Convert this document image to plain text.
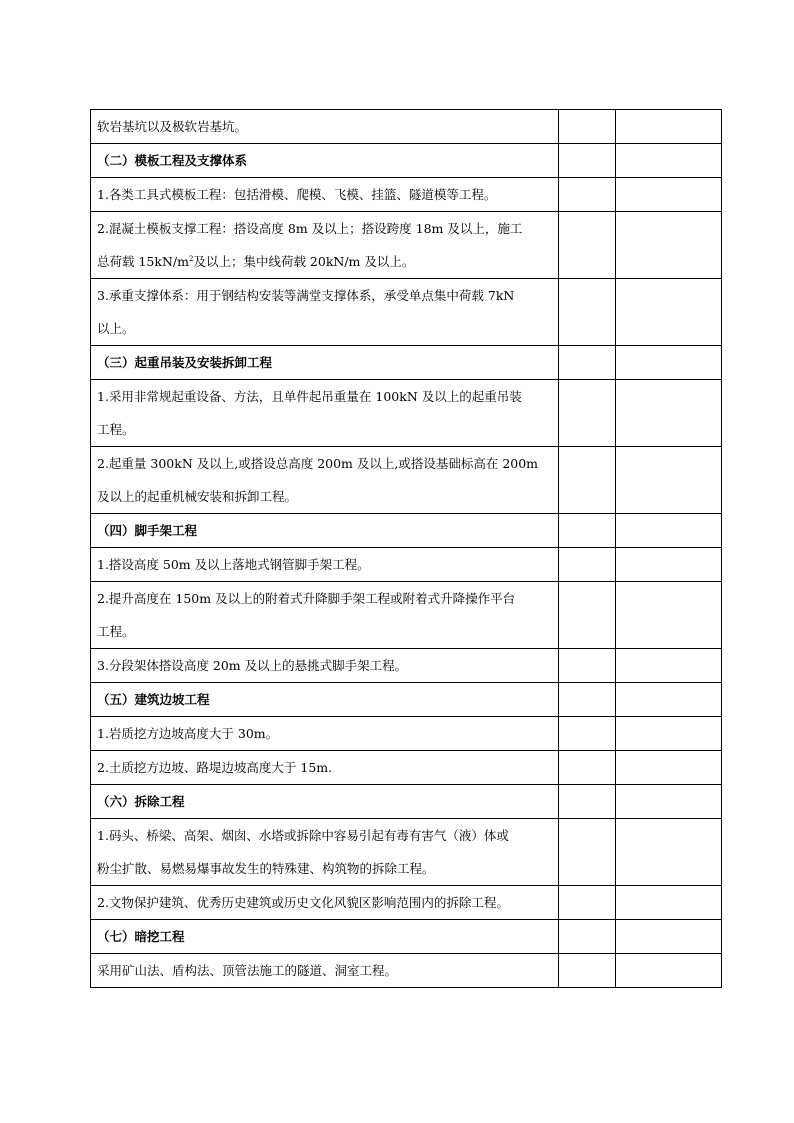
软岩基坑以及极软岩基坑。		
（二）模板工程及支撑体系		
1.各类工具式模板工程：包括滑模、爬模、飞模、挂篮、隧道模等工程。		
2.混凝土模板支撑工程：搭设高度 8m 及以上；搭设跨度 18m 及以上，施工
总荷载 $15kN/m^2$及以上；集中线荷载 20kN/m 及以上。		
3.承重支撑体系：用于钢结构安装等满堂支撑体系，承受单点集中荷载 7kN
以上。		
（三）起重吊装及安装拆卸工程		
1.采用非常规起重设备、方法，且单件起吊重量在 100kN 及以上的起重吊装
工程。		
2.起重量 300kN 及以上,或搭设总高度 200m 及以上,或搭设基础标高在 200m
及以上的起重机械安装和拆卸工程。		
（四）脚手架工程		
1.搭设高度 50m 及以上落地式钢管脚手架工程。		
2.提升高度在 150m 及以上的附着式升降脚手架工程或附着式升降操作平台
工程。		
3.分段架体搭设高度 20m 及以上的悬挑式脚手架工程。		
（五）建筑边坡工程		
1.岩质挖方边坡高度大于 30m。		
2.土质挖方边坡、路堤边坡高度大于 15m.		
（六）拆除工程		
1.码头、桥梁、高架、烟囱、水塔或拆除中容易引起有毒有害气（液）体或
粉尘扩散、易燃易爆事故发生的特殊建、构筑物的拆除工程。		
2.文物保护建筑、优秀历史建筑或历史文化风貌区影响范围内的拆除工程。		
（七）暗挖工程		
采用矿山法、盾构法、顶管法施工的隧道、洞室工程。		
